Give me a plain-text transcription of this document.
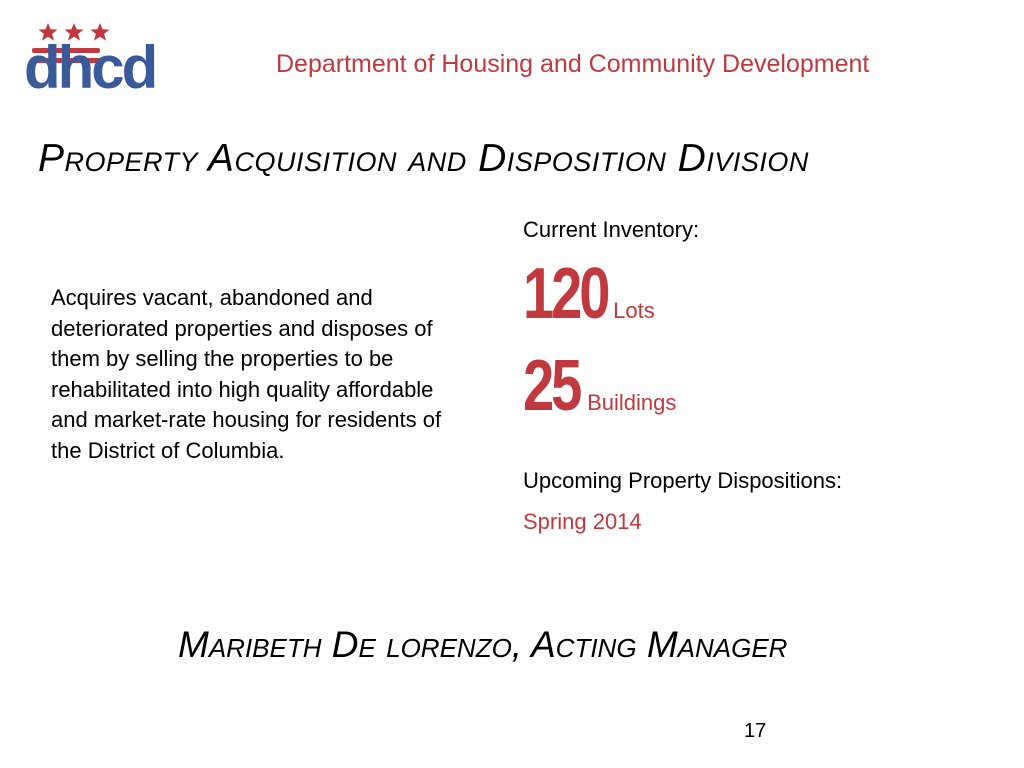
dhcd	Department of Housing and Community Development
Property Acquisition and Disposition Division
Acquires vacant, abandoned and deteriorated properties and disposes of them by selling the properties to be rehabilitated into high quality affordable and market-rate housing for residents of the District of Columbia.
Current Inventory:
120 Lots
25 Buildings
Upcoming Property Dispositions:
Spring 2014
Maribeth De lorenzo, Acting Manager
17
